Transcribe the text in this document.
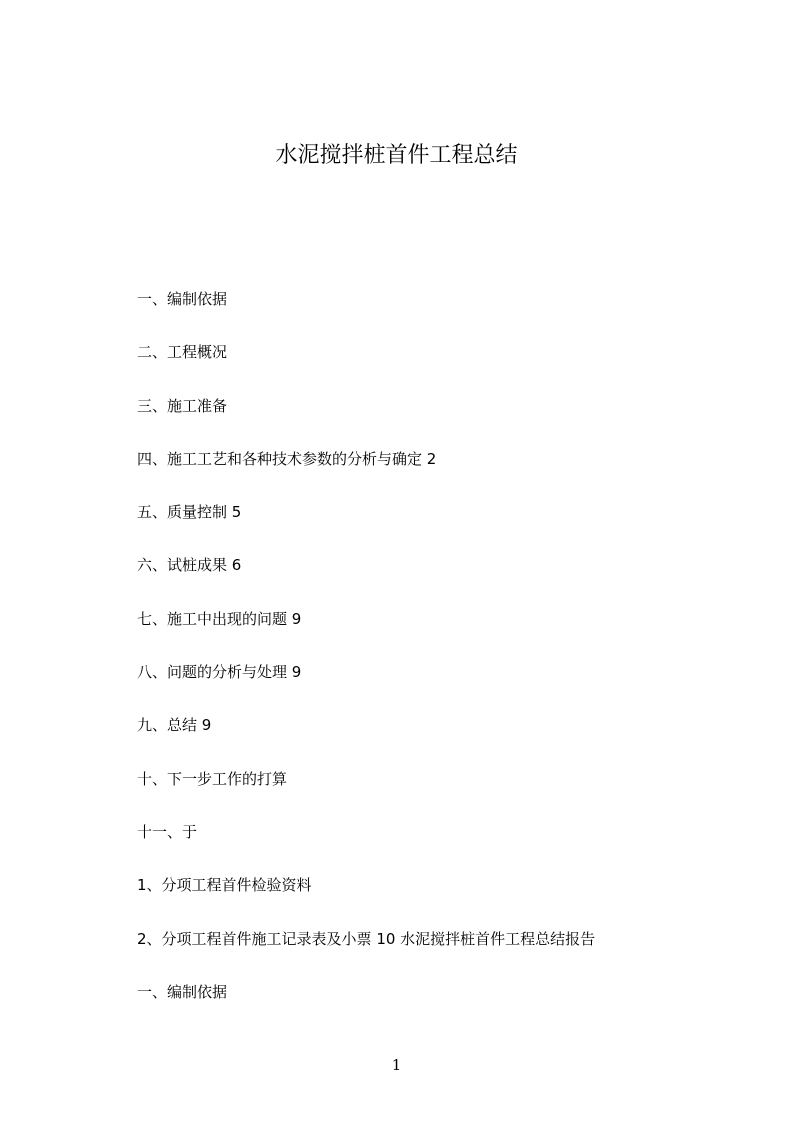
水泥搅拌桩首件工程总结
一、编制依据
二、工程概况
三、施工准备
四、施工工艺和各种技术参数的分析与确定 2
五、质量控制 5
六、试桩成果 6
七、施工中出现的问题 9
八、问题的分析与处理 9
九、总结 9
十、下一步工作的打算
十一、于
1、分项工程首件检验资料
2、分项工程首件施工记录表及小票 10 水泥搅拌桩首件工程总结报告
一、编制依据
1
